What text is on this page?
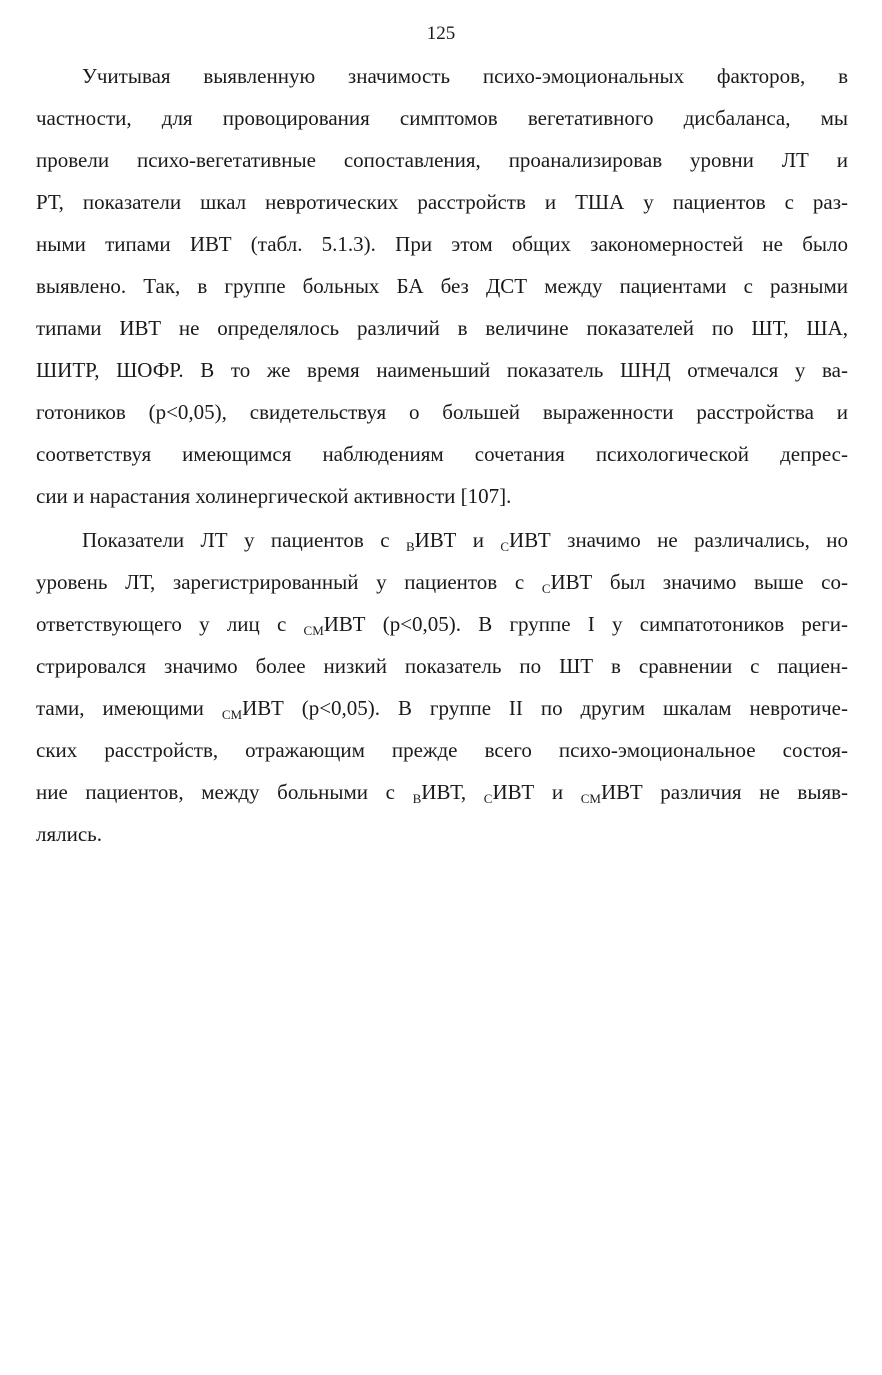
125
Учитывая выявленную значимость психо-эмоциональных факторов, в
частности, для провоцирования симптомов вегетативного дисбаланса, мы
провели психо-вегетативные сопоставления, проанализировав уровни ЛТ и
РТ, показатели шкал невротических расстройств и ТША у пациентов с раз-
ными типами ИВТ (табл. 5.1.3). При этом общих закономерностей не было
выявлено. Так, в группе больных БА без ДСТ между пациентами с разными
типами ИВТ не определялось различий в величине показателей по ШТ, ША,
ШИТР, ШОФР. В то же время наименьший показатель ШНД отмечался у ва-
готоников (р<0,05), свидетельствуя о большей выраженности расстройства и
соответствуя имеющимся наблюдениям сочетания психологической депрес-
сии и нарастания холинергической активности [107].
Показатели ЛТ у пациентов с $_В$ИВТ и $_С$ИВТ значимо не различались, но
уровень ЛТ, зарегистрированный у пациентов с $_С$ИВТ был значимо выше со-
ответствующего у лиц с $_{СМ}$ИВТ (р<0,05). В группе I у симпатотоников реги-
стрировался значимо более низкий показатель по ШТ в сравнении с пациен-
тами, имеющими $_{СМ}$ИВТ (р<0,05). В группе II по другим шкалам невротиче-
ских расстройств, отражающим прежде всего психо-эмоциональное состоя-
ние пациентов, между больными с $_В$ИВТ, $_С$ИВТ и $_{СМ}$ИВТ различия не выяв-
лялись.
